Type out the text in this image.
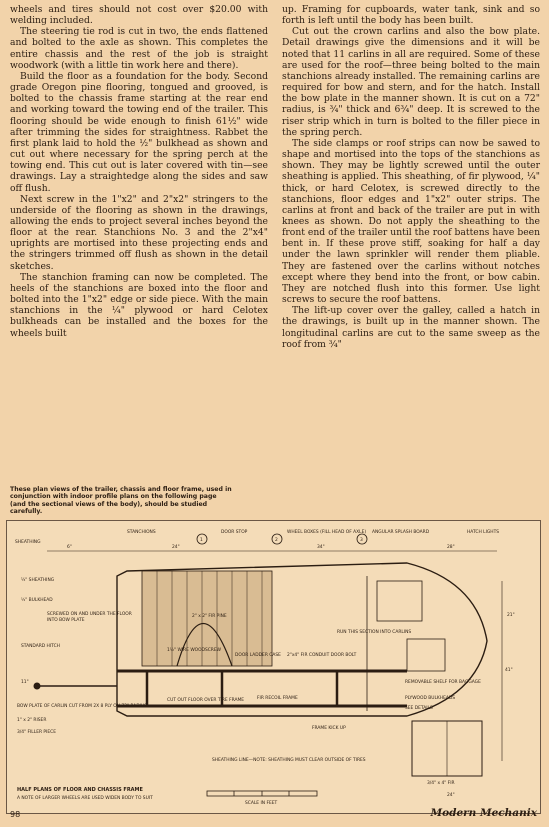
wheels and tires should not cost over $20.00 with welding included.

The steering tie rod is cut in two, the ends flattened and bolted to the axle as shown. This completes the entire chassis and the rest of the job is straight woodwork (with a little tin work here and there).

Build the floor as a foundation for the body. Second grade Oregon pine flooring, tongued and grooved, is bolted to the chassis frame starting at the rear end and working toward the towing end of the trailer. This flooring should be wide enough to finish 61½" wide after trimming the sides for straightness. Rabbet the first plank laid to hold the ½" bulkhead as shown and cut out where necessary for the spring perch at the towing end. This cut out is later covered with tin—see drawings. Lay a straightedge along the sides and saw off flush.

Next screw in the 1"x2" and 2"x2" stringers to the underside of the flooring as shown in the drawings, allowing the ends to project several inches beyond the floor at the rear. Stanchions No. 3 and the 2"x4" uprights are mortised into these projecting ends and the stringers trimmed off flush as shown in the detail sketches.

The stanchion framing can now be completed. The heels of the stanchions are boxed into the floor and bolted into the 1"x2" edge or side piece. With the main stanchions in the ¼" plywood or hard Celotex bulkheads can be installed and the boxes for the wheels built

up. Framing for cupboards, water tank, sink and so forth is left until the body has been built.

Cut out the crown carlins and also the bow plate. Detail drawings give the dimensions and it will be noted that 11 carlins in all are required. Some of these are used for the roof—three being bolted to the main stanchions already installed. The remaining carlins are required for bow and stern, and for the hatch. Install the bow plate in the manner shown. It is cut on a 72" radius, is ¾" thick and 6¾" deep. It is screwed to the riser strip which in turn is bolted to the filler piece in the spring perch.

The side clamps or roof strips can now be sawed to shape and mortised into the tops of the stanchions as shown. They may be lightly screwed until the outer sheathing is applied. This sheathing, of fir plywood, ¼" thick, or hard Celotex, is screwed directly to the stanchions, floor edges and 1"x2" outer strips. The carlins at front and back of the trailer are put in with knees as shown. Do not apply the sheathing to the front end of the trailer until the roof battens have been bent in. If these prove stiff, soaking for half a day under the lawn sprinkler will render them pliable. They are fastened over the carlins without notches except where they bend into the front, or bow cabin. They are notched flush into this former. Use light screws to secure the roof battens.

The lift-up cover over the galley, called a hatch in the drawings, is built up in the manner shown. The longitudinal carlins are cut to the same sweep as the roof from ¾"

These plan views of the trailer, chassis and floor frame, used in conjunction with indoor profile plans on the following page (and the sectional views of the body), should be studied carefully.
SHEATHING
STANCHIONS	DOOR STOP	WHEEL BOXES (FILL HEAD OF AXLE) ANGULAR SPLASH BOARD	HATCH LIGHTS
1	2	3
6"	24"	34"	28"
¼" SHEATHING
½" BULKHEAD
SCREWED ON AND UNDER THE FLOOR
INTO BOW PLATE
2" x 2" FIR PINE
1½" WIRE WOODSCREW
STANDARD HITCH
11"
2"x4" FIR CONDUIT DOOR BOLT
DOOR LADDER CASE
RUN THIS SECTION INTO CARLINS
REMOVABLE SHELF FOR BAGGAGE
PLYWOOD BULKHEADS
SEE DETAILS
FIR RECOIL FRAME
CUT OUT FLOOR OVER TIRE FRAME
FRAME KICK UP
BOW PLATE OF CARLIN CUT FROM 2X 8 PLY ON 72" RADIUS
1" x 2" RISER
3/4" FILLER PIECE
SHEATHING LINE—NOTE: SHEATHING MUST CLEAR OUTSIDE OF TIRES
3/4" x 4" FIR
24"
41"
21"
SCALE IN FEET
HALF PLANS OF FLOOR AND CHASSIS FRAME
A NOTE OF LARGER WHEELS ARE USED WIDEN BODY TO SUIT
98	Modern Mechanix
